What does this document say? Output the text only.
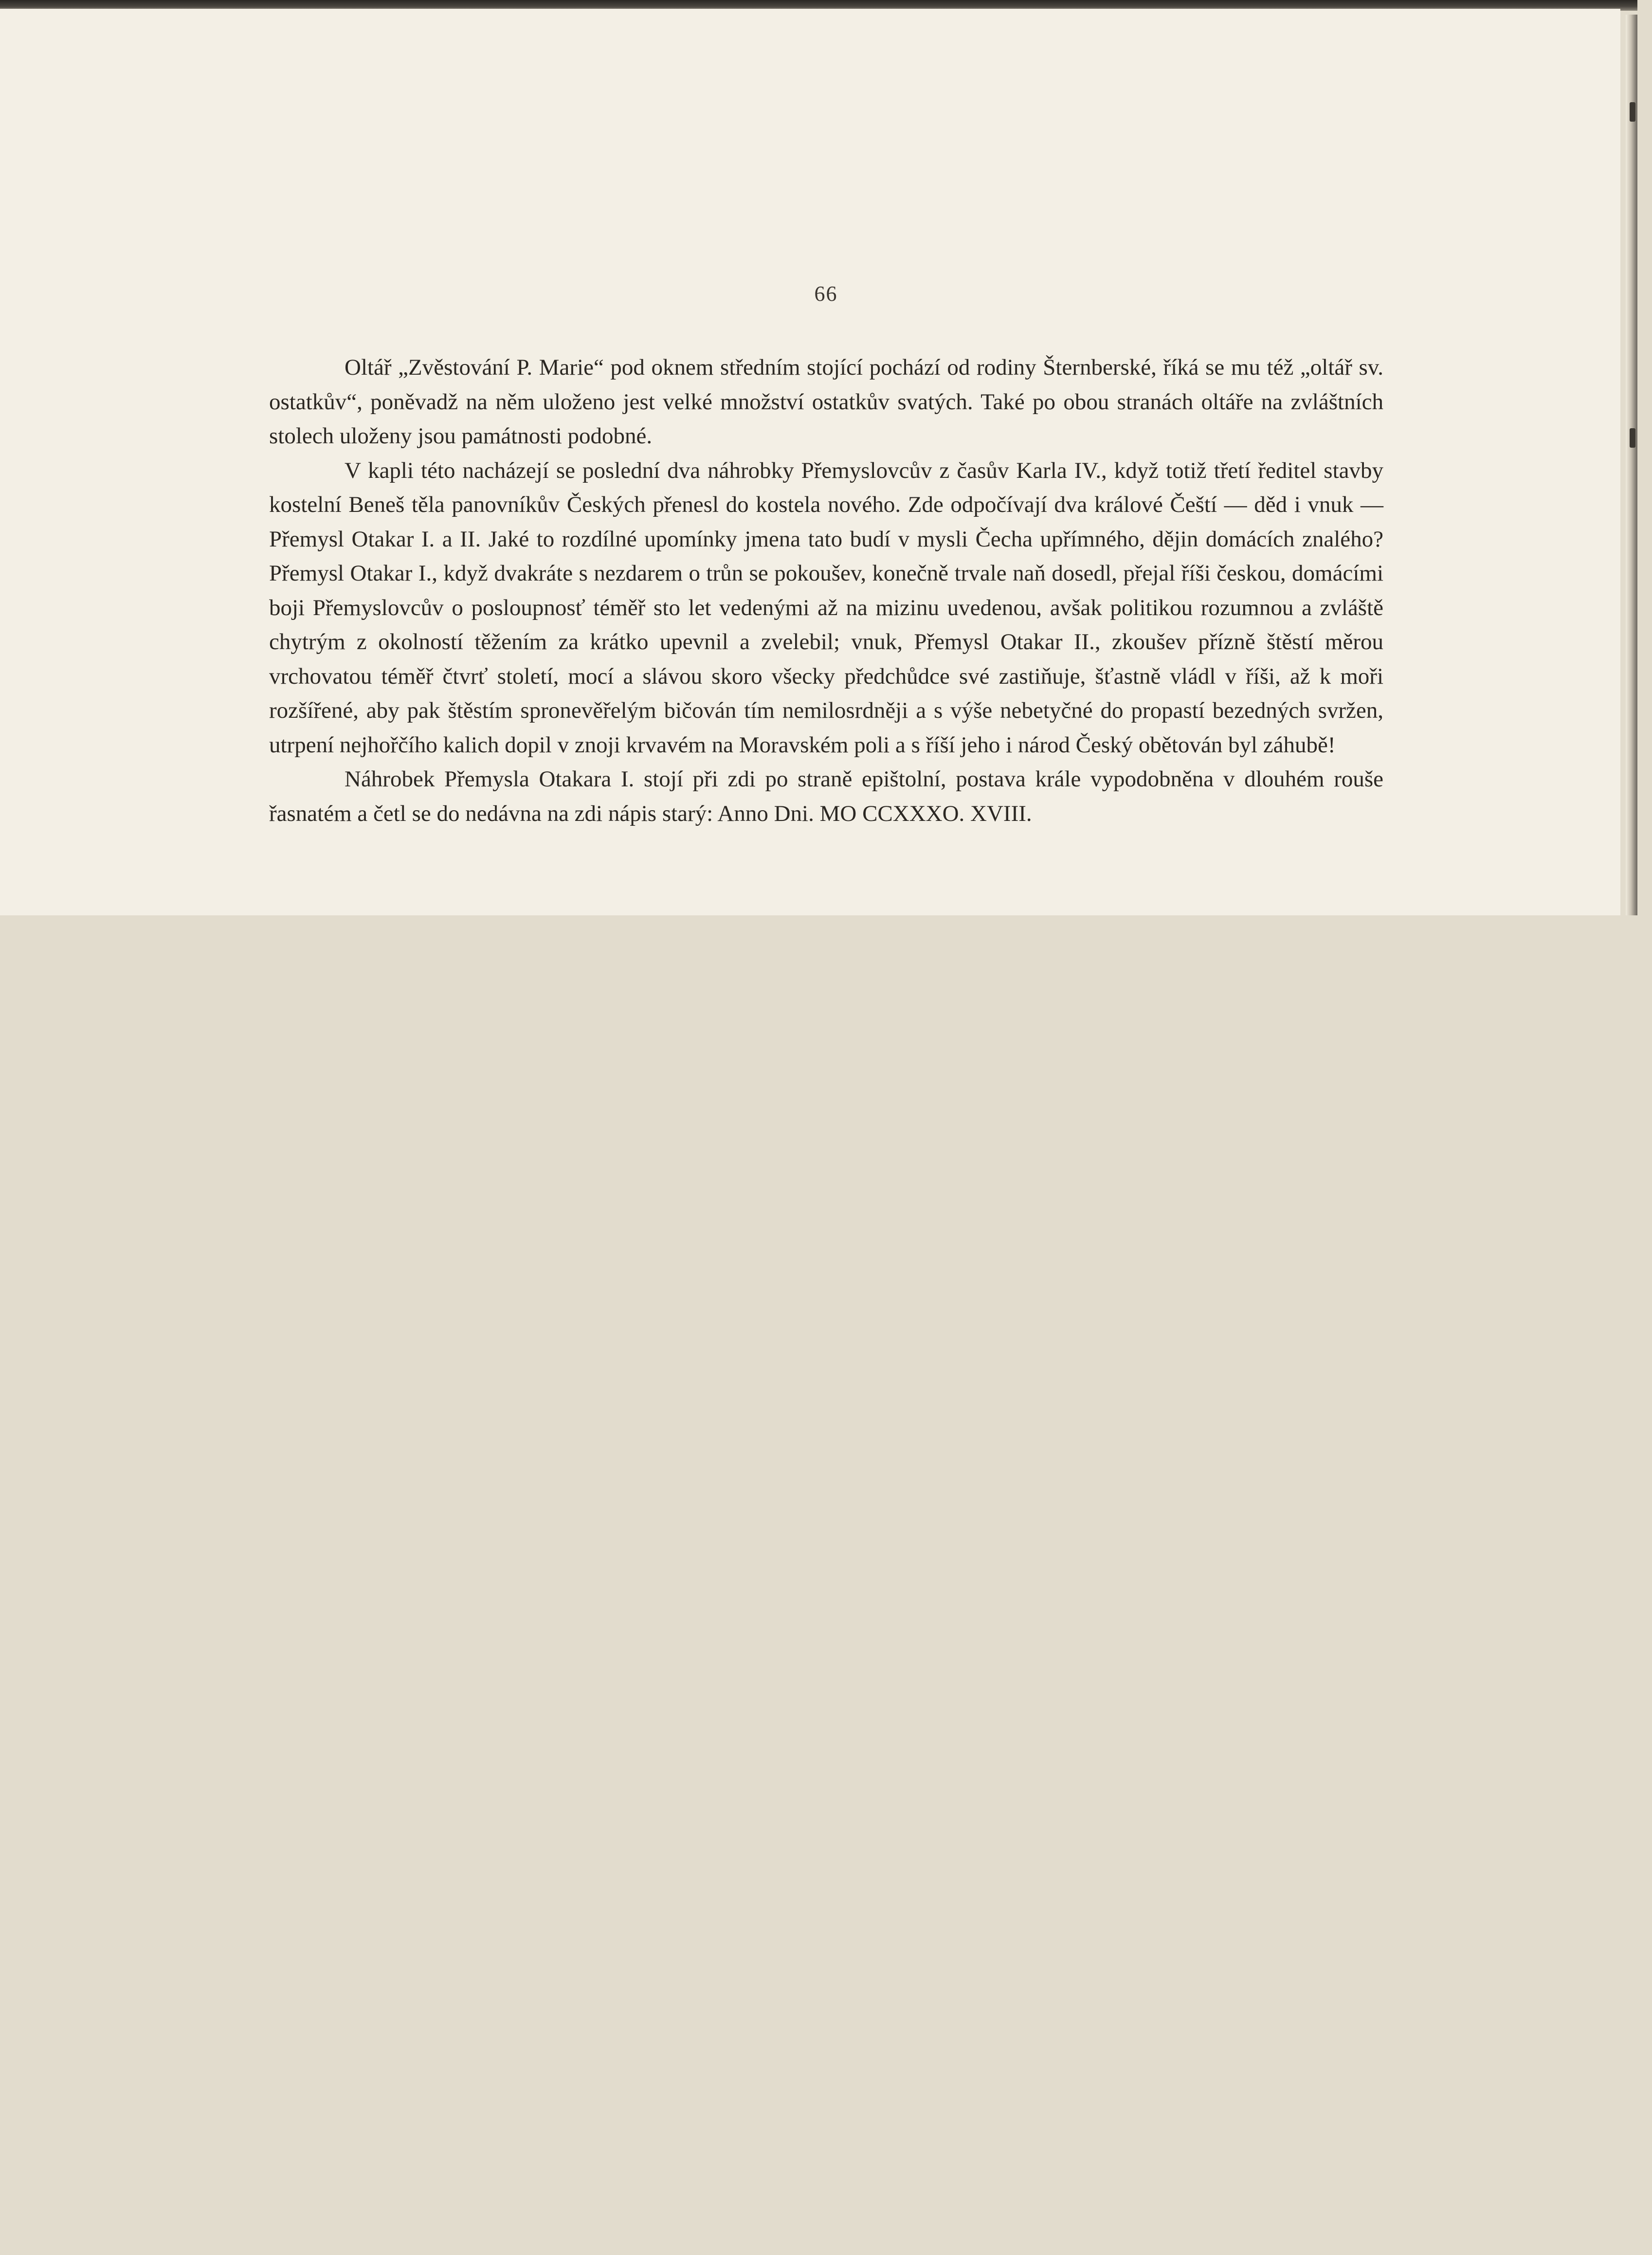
66

Oltář „Zvěstování P. Marie“ pod oknem středním stojící pochází od rodiny Šternberské, říká se mu též „oltář sv. ostatkův“, poněvadž na něm uloženo jest velké množství ostatkův svatých. Také po obou stranách oltáře na zvláštních stolech uloženy jsou památnosti podobné.

V kapli této nacházejí se poslední dva náhrobky Přemyslovcův z časův Karla IV., když totiž třetí ředitel stavby kostelní Beneš těla panovníkův Českých přenesl do kostela nového. Zde odpočívají dva králové Čeští — děd i vnuk — Přemysl Otakar I. a II. Jaké to rozdílné upomínky jmena tato budí v mysli Čecha upřímného, dějin domácích znalého? Přemysl Otakar I., když dvakráte s nezdarem o trůn se pokoušev, konečně trvale naň dosedl, přejal říši českou, domácími boji Přemyslovcův o posloupnosť téměř sto let vedenými až na mizinu uvedenou, avšak politikou rozumnou a zvláště chytrým z okolností těžením za krátko upevnil a zvelebil; vnuk, Přemysl Otakar II., zkoušev přízně štěstí měrou vrchovatou téměř čtvrť století, mocí a slávou skoro všecky předchůdce své zastiňuje, šťastně vládl v říši, až k moři rozšířené, aby pak štěstím spronevěřelým bičován tím nemilosrdněji a s výše nebetyčné do propastí bezedných svržen, utrpení nejhořčího kalich dopil v znoji krvavém na Moravském poli a s říší jeho i národ Český obětován byl záhubě!

Náhrobek Přemysla Otakara I. stojí při zdi po straně epištolní, postava krále vypodobněna v dlouhém rouše řasnatém a četl se do nedávna na zdi nápis starý: Anno Dni. MO CCXXXO. XVIII.
